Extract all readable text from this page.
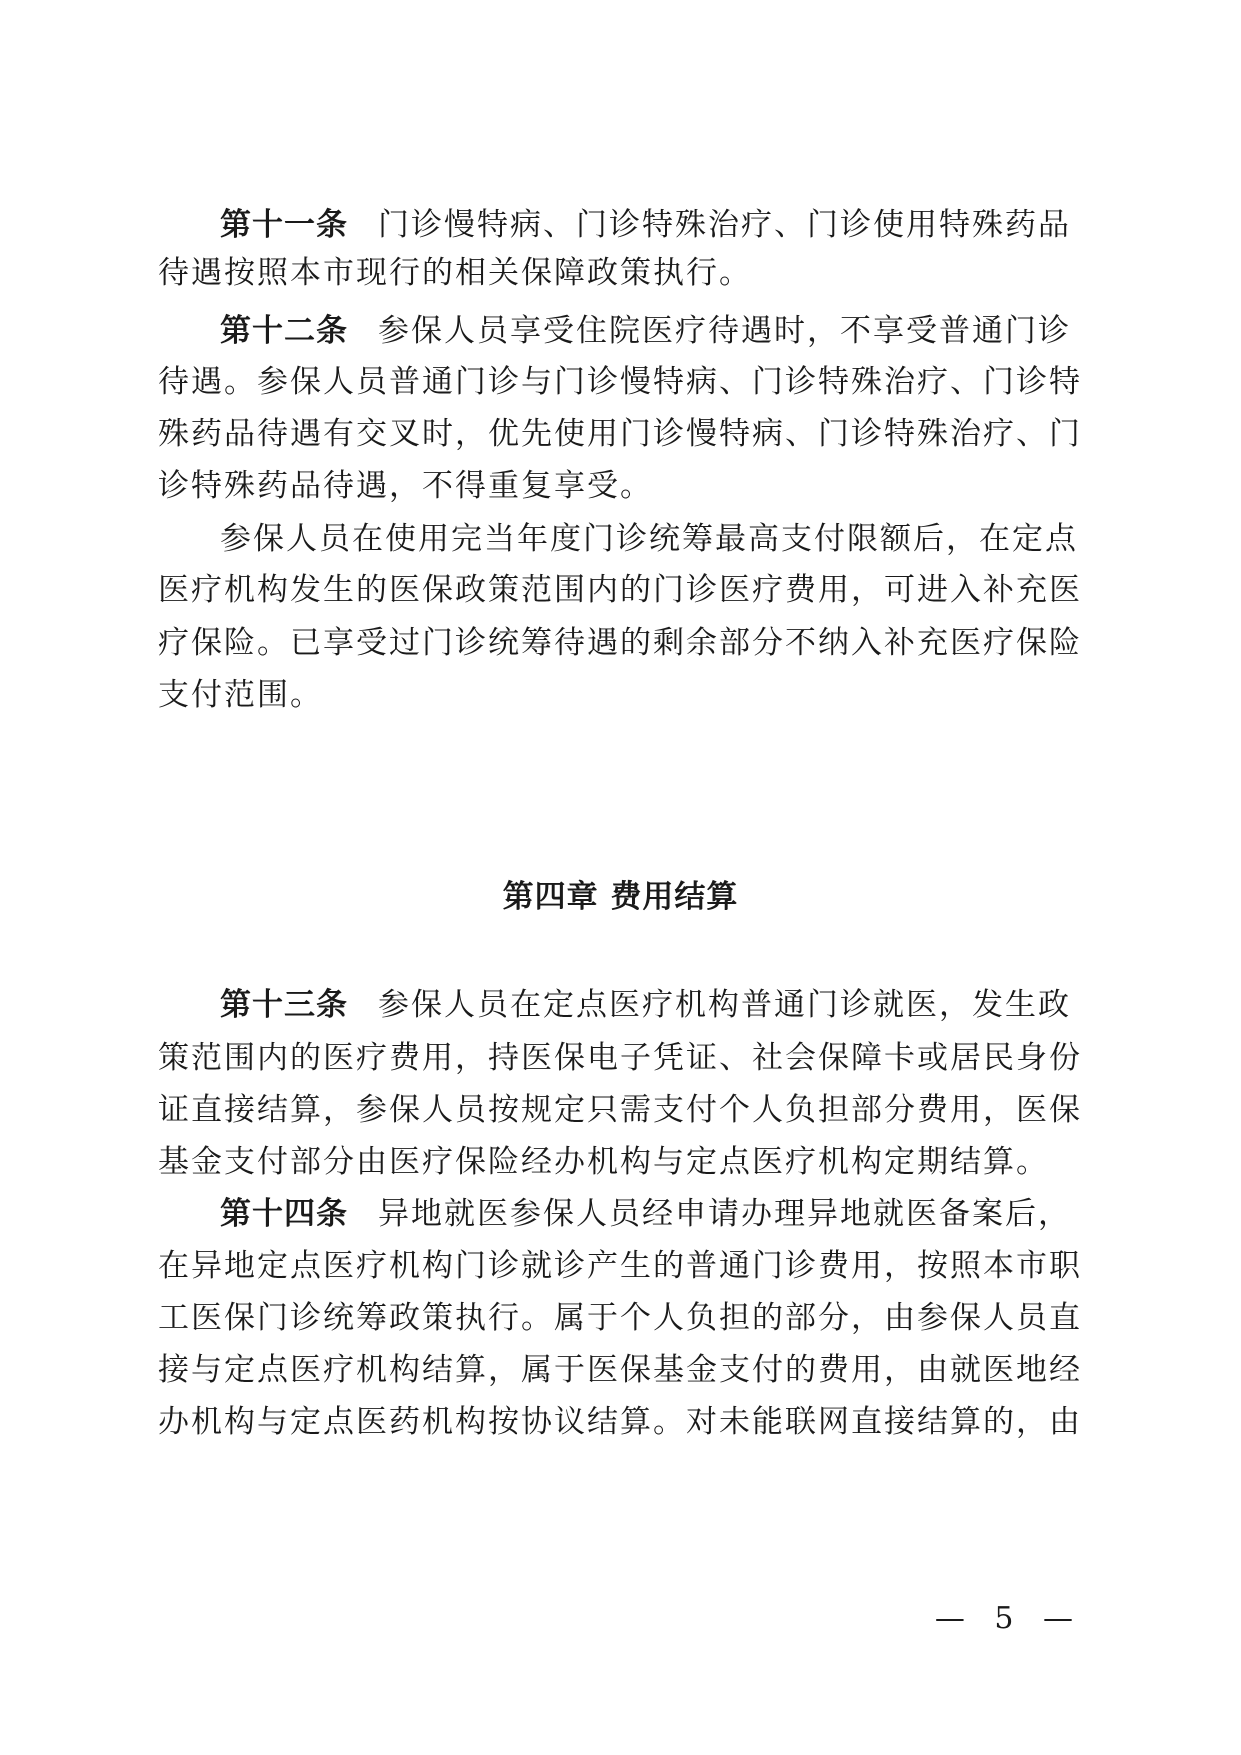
第十一条 门诊慢特病、门诊特殊治疗、门诊使用特殊药品
待遇按照本市现行的相关保障政策执行。
第十二条 参保人员享受住院医疗待遇时，不享受普通门诊
待遇。参保人员普通门诊与门诊慢特病、门诊特殊治疗、门诊特
殊药品待遇有交叉时，优先使用门诊慢特病、门诊特殊治疗、门
诊特殊药品待遇，不得重复享受。
参保人员在使用完当年度门诊统筹最高支付限额后，在定点
医疗机构发生的医保政策范围内的门诊医疗费用，可进入补充医
疗保险。已享受过门诊统筹待遇的剩余部分不纳入补充医疗保险
支付范围。
第四章 费用结算
第十三条 参保人员在定点医疗机构普通门诊就医，发生政
策范围内的医疗费用，持医保电子凭证、社会保障卡或居民身份
证直接结算，参保人员按规定只需支付个人负担部分费用，医保
基金支付部分由医疗保险经办机构与定点医疗机构定期结算。
第十四条 异地就医参保人员经申请办理异地就医备案后，
在异地定点医疗机构门诊就诊产生的普通门诊费用，按照本市职
工医保门诊统筹政策执行。属于个人负担的部分，由参保人员直
接与定点医疗机构结算，属于医保基金支付的费用，由就医地经
办机构与定点医药机构按协议结算。对未能联网直接结算的，由
— 5 —
